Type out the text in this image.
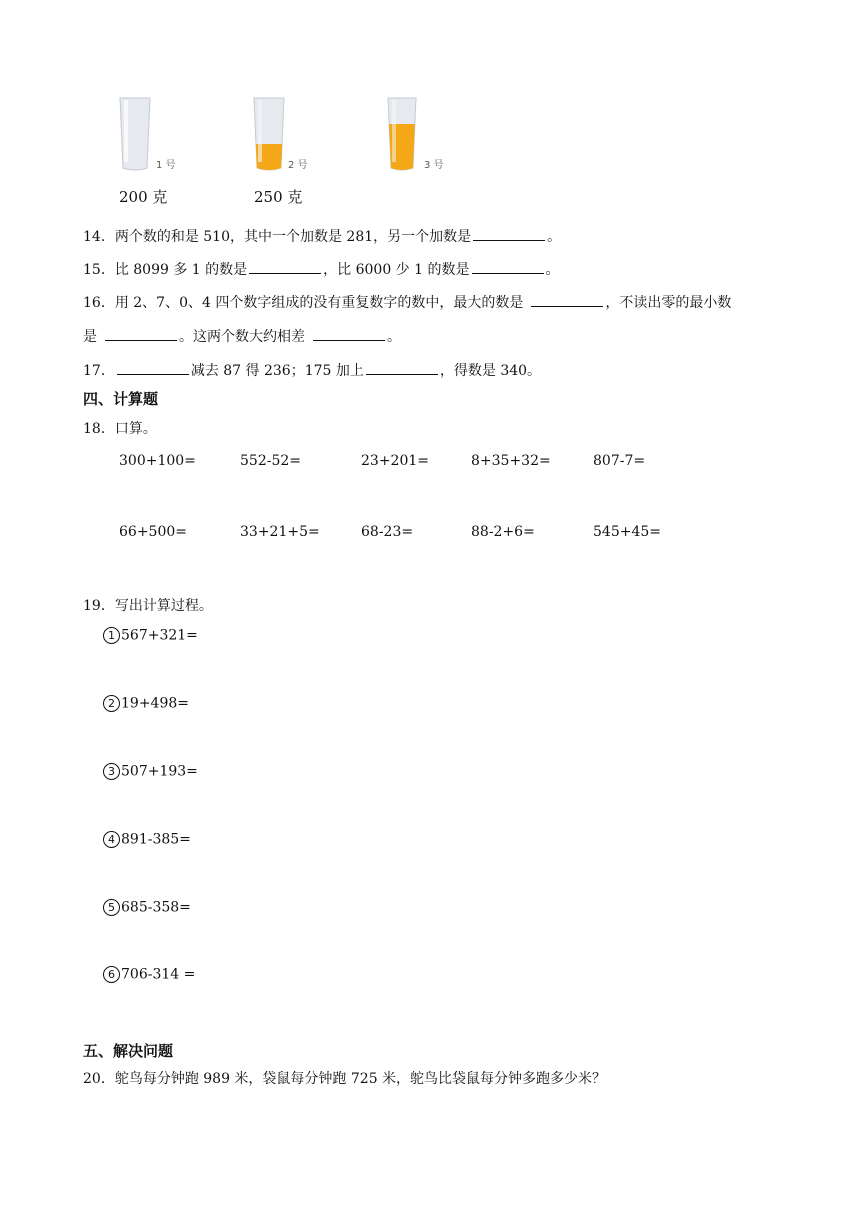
1 号	2 号	3 号
200 克	250 克
14．两个数的和是 510，其中一个加数是 281，另一个加数是	。
15．比 8099 多 1 的数是	，比 6000 少 1 的数是	。
16．用 2、7、0、4 四个数字组成的没有重复数字的数中，最大的数是	，不读出零的最小数
是	。这两个数大约相差	。
17．	减去 87 得 236；175 加上	，得数是 340。
四、计算题
18．口算。
300+100=	552-52=	23+201=	8+35+32=	807-7=
66+500=	33+21+5=	68-23=	88-2+6=	545+45=
19．写出计算过程。
1 567+321=
2 19+498=
3 507+193=
4 891-385=
5 685-358=
6 706-314 =
五、解决问题
20．鸵鸟每分钟跑 989 米，袋鼠每分钟跑 725 米，鸵鸟比袋鼠每分钟多跑多少米？
